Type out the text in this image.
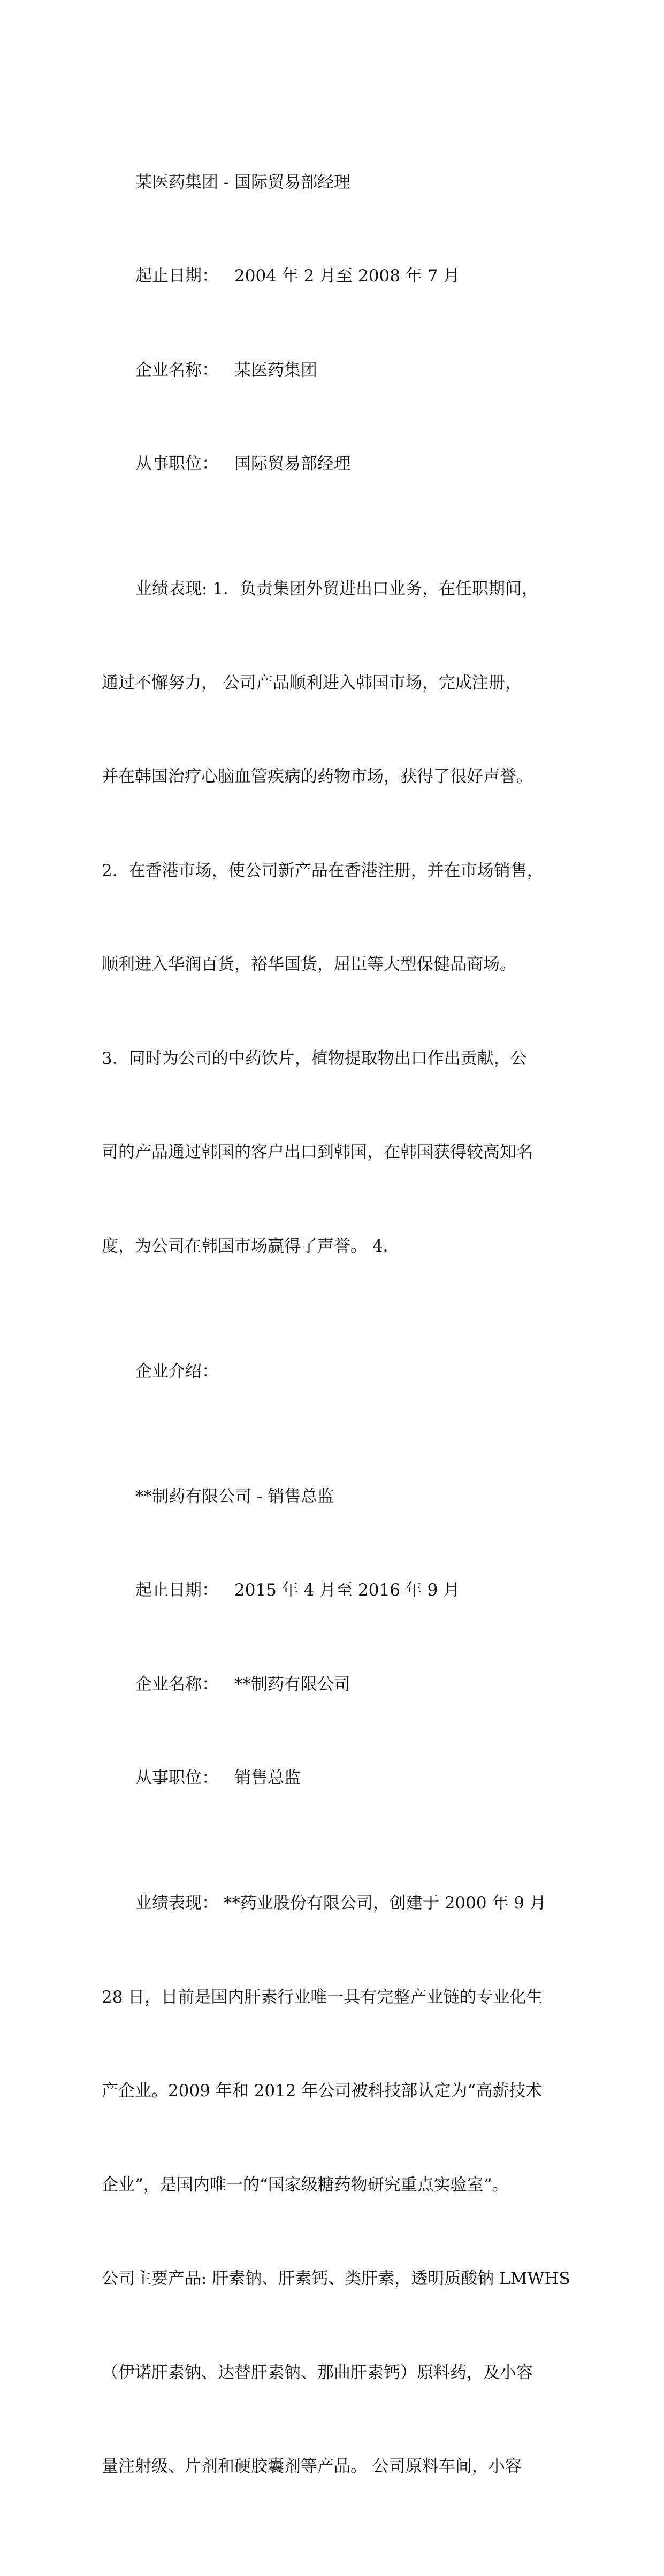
某医药集团 - 国际贸易部经理

起止日期： 2004 年 2 月至 2008 年 7 月

企业名称： 某医药集团

从事职位： 国际贸易部经理

业绩表现: 1．负责集团外贸进出口业务，在任职期间，

通过不懈努力， 公司产品顺利进入韩国市场，完成注册，

并在韩国治疗心脑血管疾病的药物市场，获得了很好声誉。

2．在香港市场，使公司新产品在香港注册，并在市场销售，

顺利进入华润百货，裕华国货，屈臣等大型保健品商场。

3．同时为公司的中药饮片，植物提取物出口作出贡献，公

司的产品通过韩国的客户出口到韩国，在韩国获得较高知名

度，为公司在韩国市场赢得了声誉。 4．

企业介绍：

**制药有限公司 - 销售总监

起止日期： 2015 年 4 月至 2016 年 9 月

企业名称： **制药有限公司

从事职位： 销售总监

业绩表现： **药业股份有限公司，创建于 2000 年 9 月

28 日，目前是国内肝素行业唯一具有完整产业链的专业化生

产企业。2009 年和 2012 年公司被科技部认定为“高薪技术

企业”，是国内唯一的“国家级糖药物研究重点实验室”。

公司主要产品: 肝素钠、肝素钙、类肝素，透明质酸钠 LMWHS

（伊诺肝素钠、达替肝素钠、那曲肝素钙）原料药，及小容

量注射级、片剂和硬胶囊剂等产品。 公司原料车间，小容
